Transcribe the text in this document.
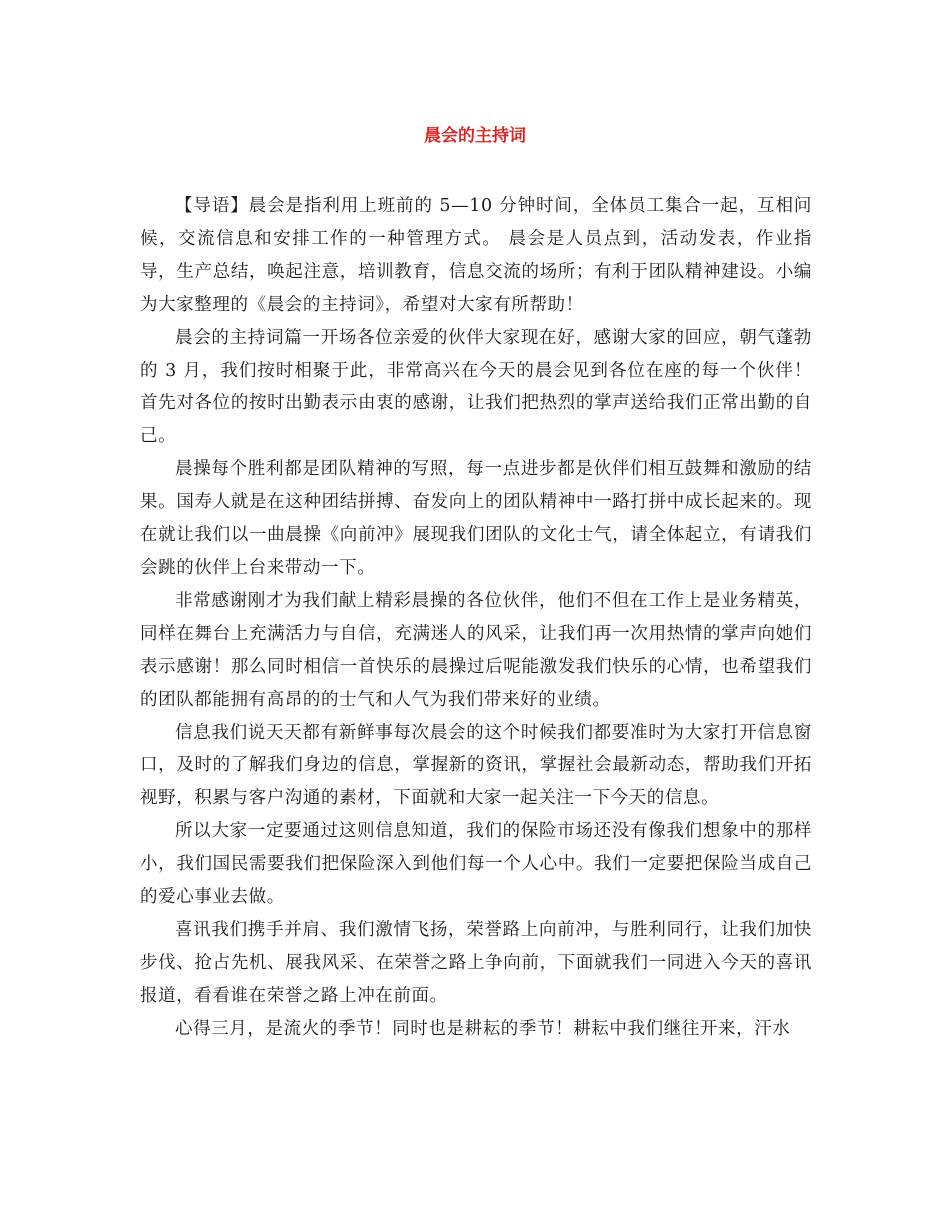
晨会的主持词

【导语】晨会是指利用上班前的 5—10 分钟时间，全体员工集合一起，互相问候，交流信息和安排工作的一种管理方式。 晨会是人员点到，活动发表，作业指导，生产总结，唤起注意，培训教育，信息交流的场所；有利于团队精神建设。小编为大家整理的《晨会的主持词》，希望对大家有所帮助！

晨会的主持词篇一开场各位亲爱的伙伴大家现在好，感谢大家的回应，朝气蓬勃的 3 月，我们按时相聚于此，非常高兴在今天的晨会见到各位在座的每一个伙伴！首先对各位的按时出勤表示由衷的感谢，让我们把热烈的掌声送给我们正常出勤的自己。

晨操每个胜利都是团队精神的写照，每一点进步都是伙伴们相互鼓舞和激励的结果。国寿人就是在这种团结拼搏、奋发向上的团队精神中一路打拼中成长起来的。现在就让我们以一曲晨操《向前冲》展现我们团队的文化士气，请全体起立，有请我们会跳的伙伴上台来带动一下。

非常感谢刚才为我们献上精彩晨操的各位伙伴，他们不但在工作上是业务精英，同样在舞台上充满活力与自信，充满迷人的风采，让我们再一次用热情的掌声向她们表示感谢！那么同时相信一首快乐的晨操过后呢能激发我们快乐的心情，也希望我们的团队都能拥有高昂的的士气和人气为我们带来好的业绩。

信息我们说天天都有新鲜事每次晨会的这个时候我们都要准时为大家打开信息窗口，及时的了解我们身边的信息，掌握新的资讯，掌握社会最新动态，帮助我们开拓视野，积累与客户沟通的素材，下面就和大家一起关注一下今天的信息。

所以大家一定要通过这则信息知道，我们的保险市场还没有像我们想象中的那样小，我们国民需要我们把保险深入到他们每一个人心中。我们一定要把保险当成自己的爱心事业去做。

喜讯我们携手并肩、我们激情飞扬，荣誉路上向前冲，与胜利同行，让我们加快步伐、抢占先机、展我风采、在荣誉之路上争向前，下面就我们一同进入今天的喜讯报道，看看谁在荣誉之路上冲在前面。

心得三月，是流火的季节！同时也是耕耘的季节！耕耘中我们继往开来，汗水
